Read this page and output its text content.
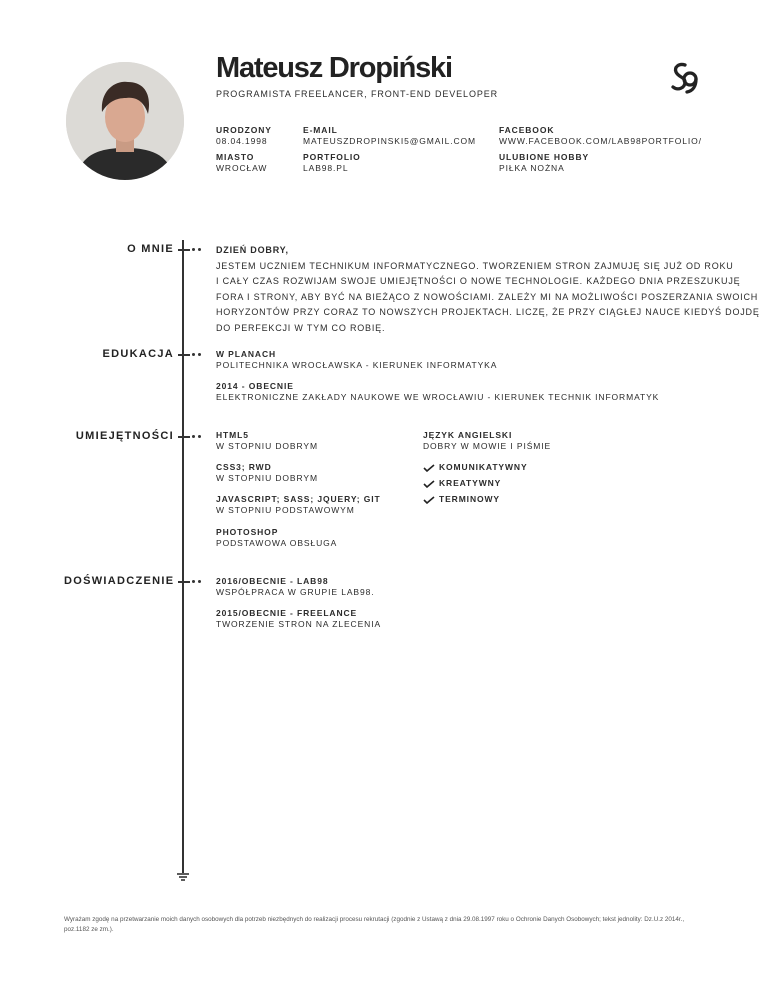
Mateusz Dropiński
PROGRAMISTA FREELANCER, FRONT-END DEVELOPER
URODZONY
08.04.1998
E-MAIL
MATEUSZDROPINSKI5@GMAIL.COM
FACEBOOK
WWW.FACEBOOK.COM/LAB98PORTFOLIO/
MIASTO
WROCŁAW
PORTFOLIO
LAB98.PL
ULUBIONE HOBBY
PIŁKA NOŻNA
O MNIE	DZIEŃ DOBRY,
JESTEM UCZNIEM TECHNIKUM INFORMATYCZNEGO. TWORZENIEM STRON ZAJMUJĘ SIĘ JUŻ OD ROKU
I CAŁY CZAS ROZWIJAM SWOJE UMIEJĘTNOŚCI O NOWE TECHNOLOGIE. KAŻDEGO DNIA PRZESZUKUJĘ
FORA I STRONY, ABY BYĆ NA BIEŻĄCO Z NOWOŚCIAMI. ZALEŻY MI NA MOŻLIWOŚCI POSZERZANIA SWOICH
HORYZONTÓW PRZY CORAZ TO NOWSZYCH PROJEKTACH. LICZĘ, ŻE PRZY CIĄGŁEJ NAUCE KIEDYŚ DOJDĘ
DO PERFEKCJI W TYM CO ROBIĘ.
EDUKACJA	W PLANACH
POLITECHNIKA WROCŁAWSKA - KIERUNEK INFORMATYKA
2014 - OBECNIE
ELEKTRONICZNE ZAKŁADY NAUKOWE WE WROCŁAWIU - KIERUNEK TECHNIK INFORMATYK
UMIEJĘTNOŚCI	HTML5
W STOPNIU DOBRYM
CSS3; RWD
W STOPNIU DOBRYM
JAVASCRIPT; SASS; JQUERY; GIT
W STOPNIU PODSTAWOWYM
PHOTOSHOP
PODSTAWOWA OBSŁUGA
JĘZYK ANGIELSKI
DOBRY W MOWIE I PIŚMIE
KOMUNIKATYWNY
KREATYWNY
TERMINOWY
DOŚWIADCZENIE	2016/OBECNIE - LAB98
WSPÓŁPRACA W GRUPIE LAB98.
2015/OBECNIE - FREELANCE
TWORZENIE STRON NA ZLECENIA
Wyrażam zgodę na przetwarzanie moich danych osobowych dla potrzeb niezbędnych do realizacji procesu rekrutacji (zgodnie z Ustawą z dnia 29.08.1997 roku o Ochronie Danych Osobowych; tekst jednolity: Dz.U.z 2014r., poz.1182 ze zm.).
